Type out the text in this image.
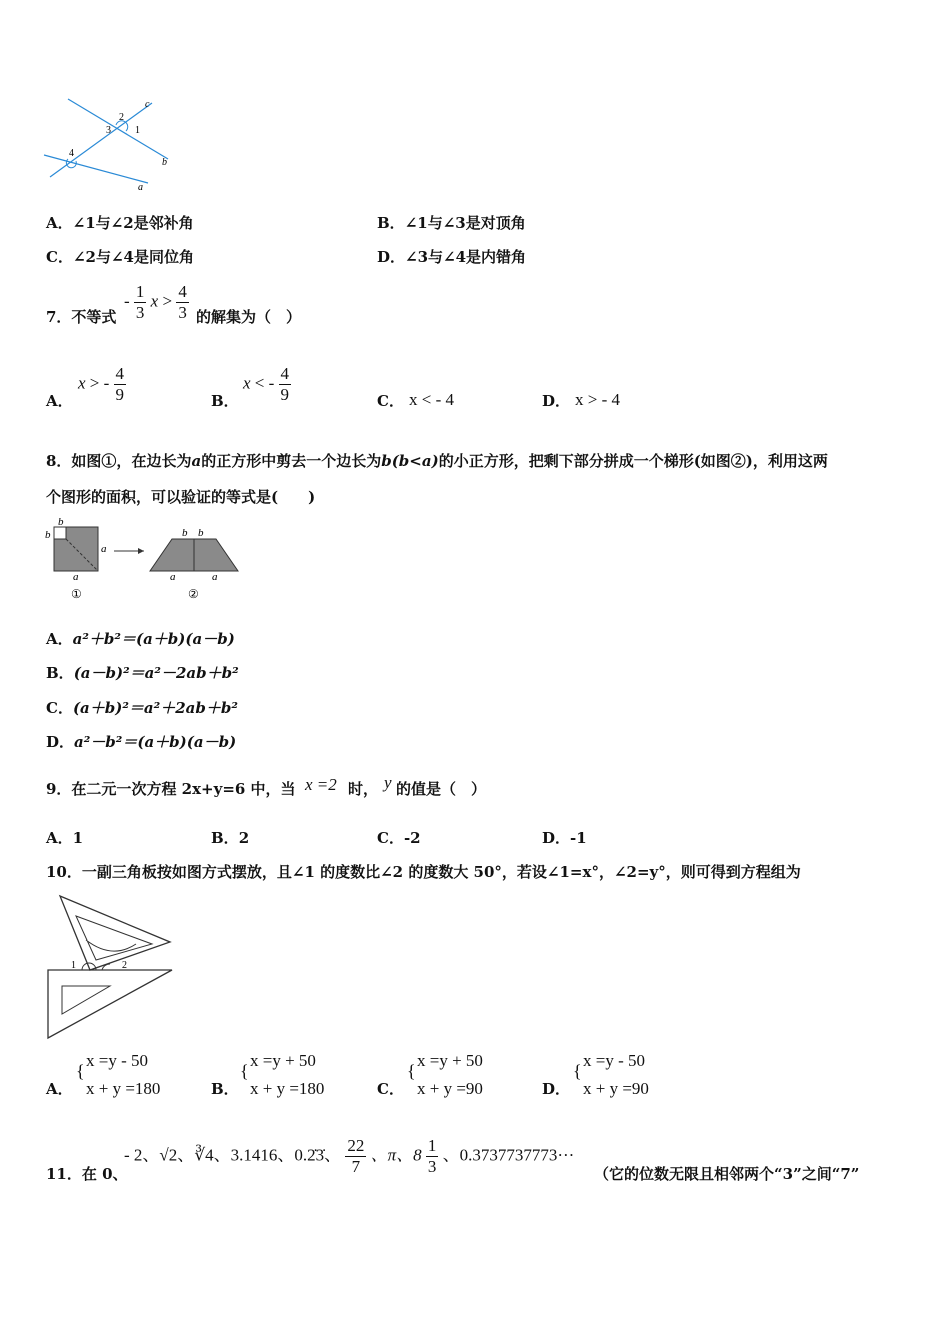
2
3 1
4
c
b
a
A．∠1与∠2是邻补角	B．∠1与∠3是对顶角
C．∠2与∠4是同位角	D．∠3与∠4是内错角
7．不等式
- $\frac{1}{3}$ $x > \frac{4}{3}$ 的解集为（　）
A．
x > - $\frac{4}{9}$	B．
x < - $\frac{4}{9}$	C． x < - 4	D． x > - 4
8．如图①，在边长为a的正方形中剪去一个边长为b(b<a)的小正方形，把剩下部分拼成一个梯形(如图②)，利用这两
个图形的面积，可以验证的等式是(　　)
b
b
a
a
①
b b
a	a
②
A．a²＋b²＝(a＋b)(a－b)
B．(a－b)²＝a²－2ab＋b²
C．(a＋b)²＝a²＋2ab＋b²
D．a²－b²＝(a＋b)(a－b)
9．在二元一次方程 2x+y=6 中，当 x =2 时， y 的值是（　）
A．1	B．2	C．-2	D．-1
10．一副三角板按如图方式摆放，且∠1 的度数比∠2 的度数大 50°，若设∠1=x°，∠2=y°，则可得到方程组为
1	2
A．
{
x =y - 50
x + y =180	B．
{
x =y + 50
x + y =180	C．
{
x =y + 50
x + y =90	D．
{
x =y - 50
x + y =90
11．在 0、
- 2、√2、∛4、3.1416、0.2̇3̇、 $\frac{22}{7}$ 、π、$8 \frac{1}{3}$ 、0.3737737773···
（它的位数无限且相邻两个“3”之间“7”
